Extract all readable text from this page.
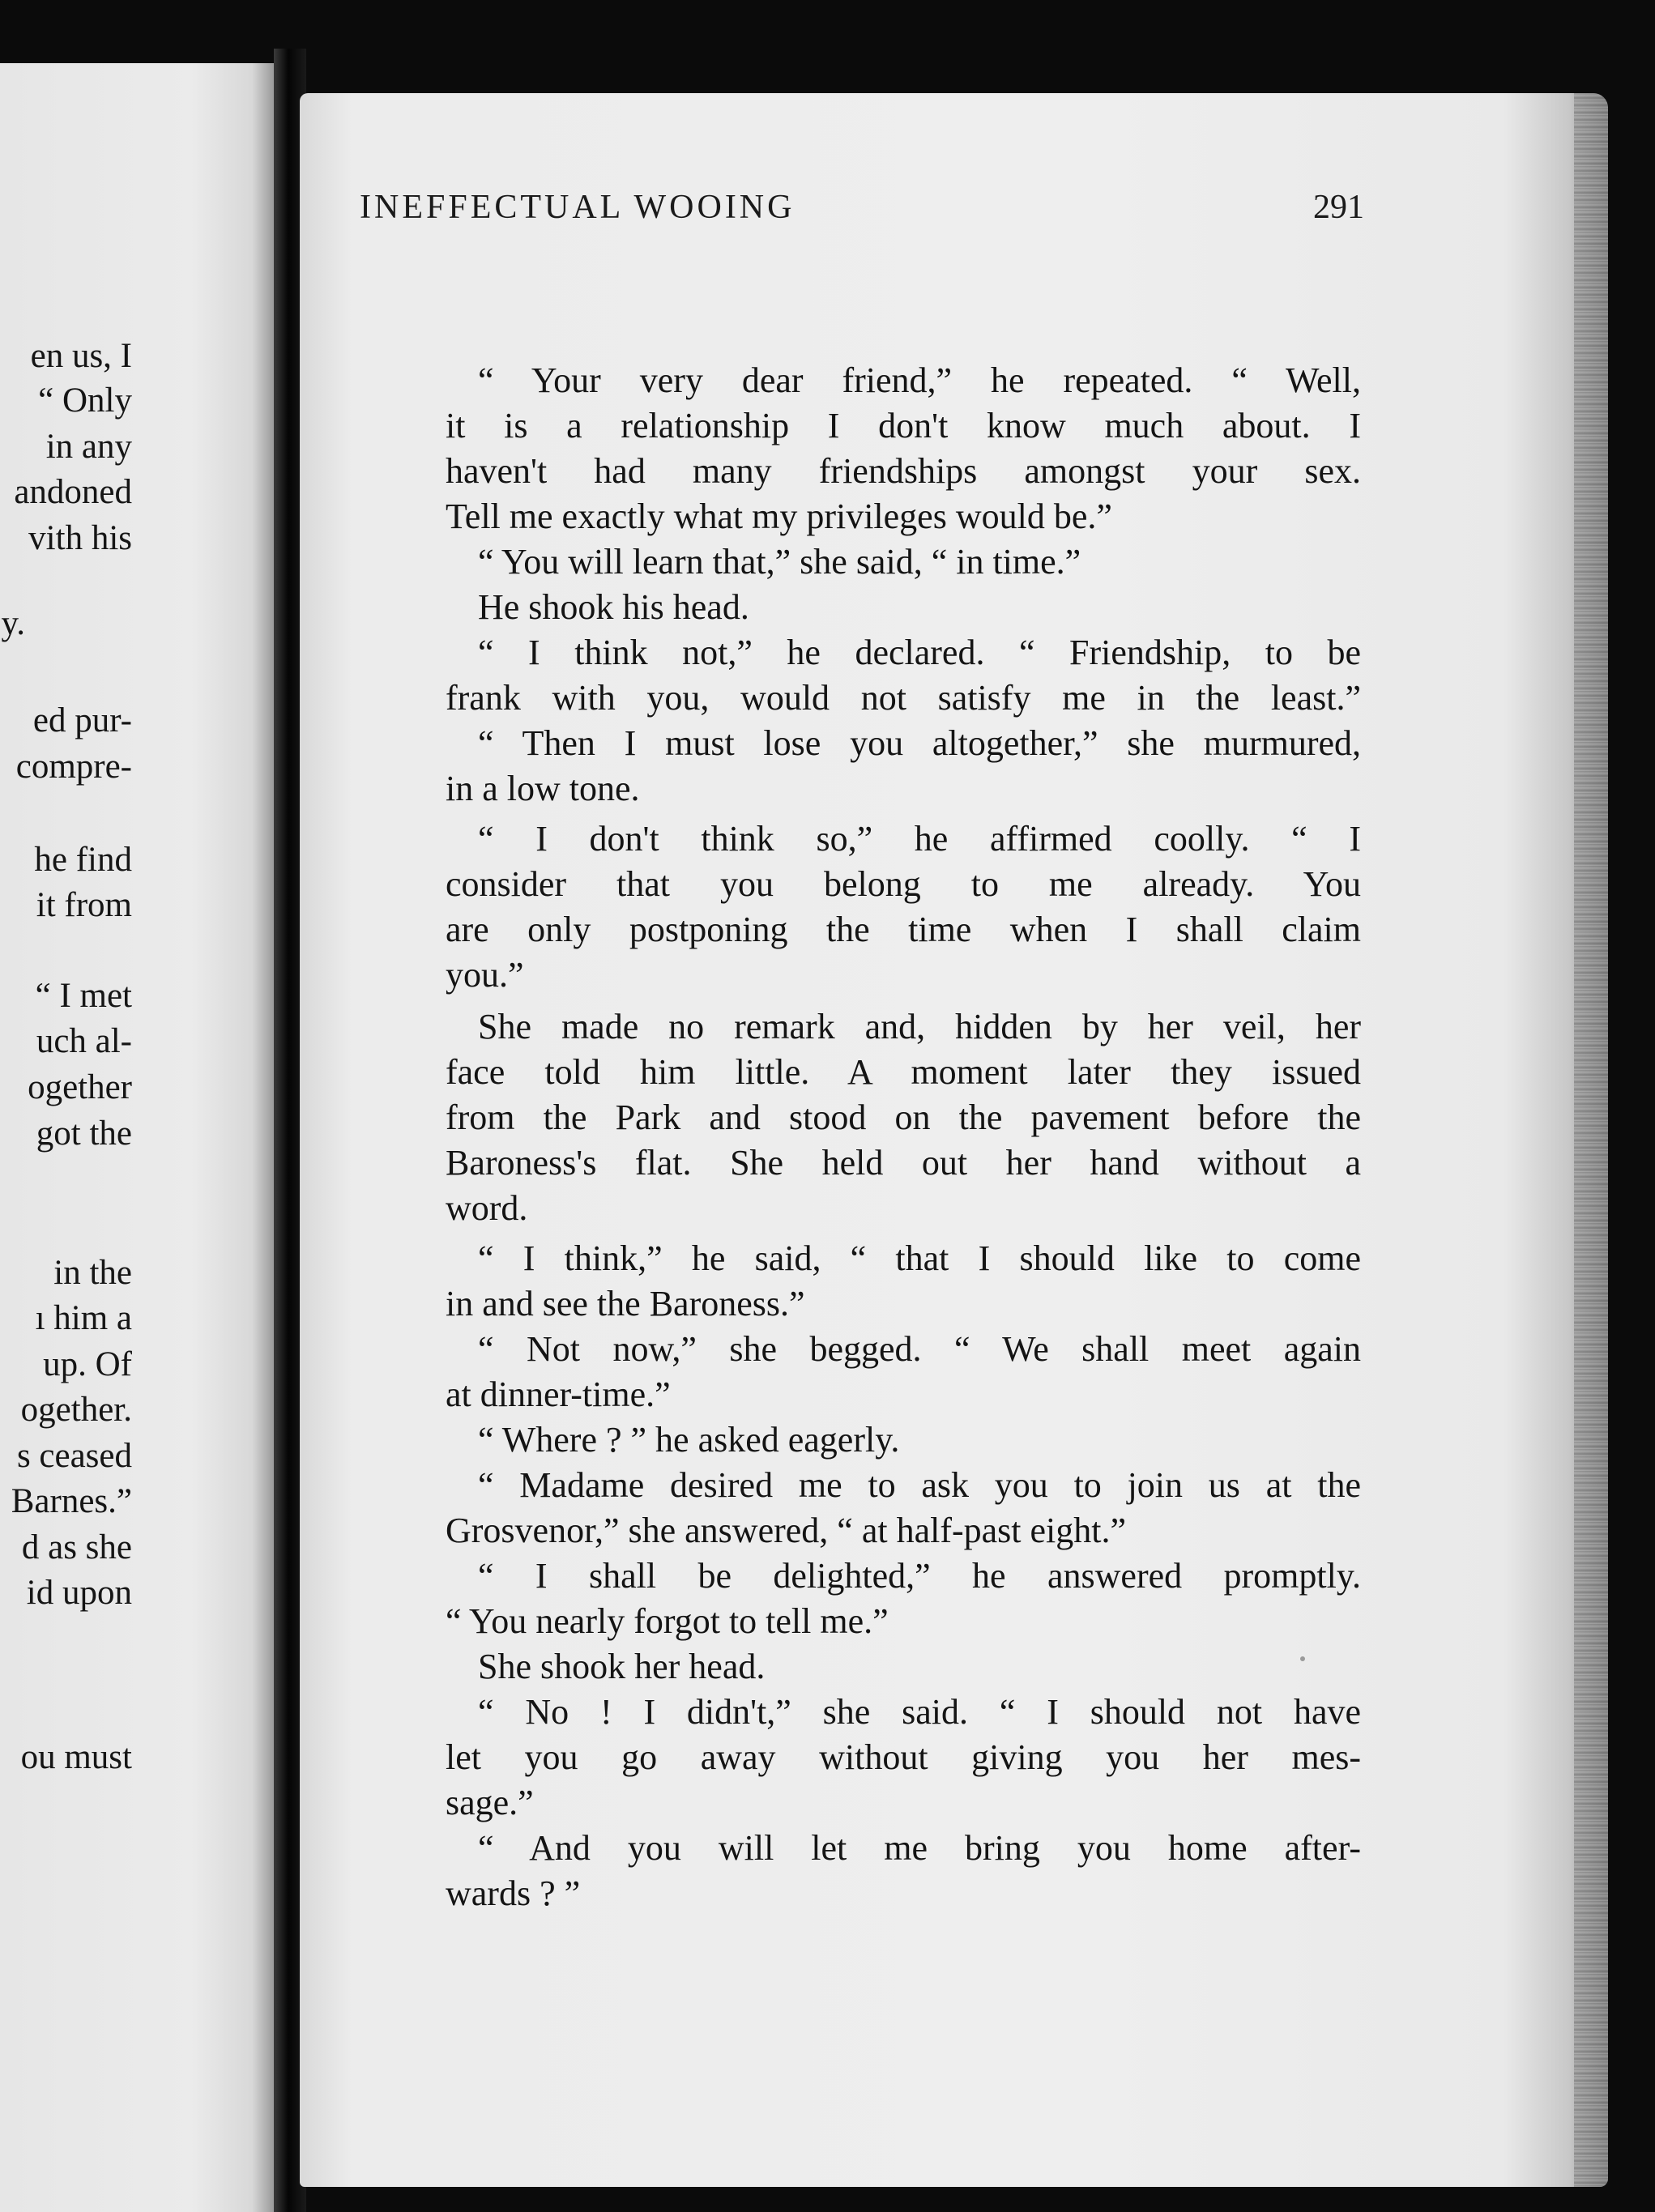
en us, I
“ Only
in any
andoned
vith his
y.
ed pur-
compre-
he find
it from
“ I met
uch al-
ogether
got the
in the
ı him a
up. Of
ogether.
s ceased
Barnes.”
d as she
id upon
ou must
INEFFECTUAL WOOING	291
“ Your very dear friend,” he repeated. “ Well,
it is a relationship I don't know much about. I
haven't had many friendships amongst your sex.
Tell me exactly what my privileges would be.”
“ You will learn that,” she said, “ in time.”
He shook his head.
“ I think not,” he declared. “ Friendship, to be
frank with you, would not satisfy me in the least.”
“ Then I must lose you altogether,” she murmured,
in a low tone.
“ I don't think so,” he affirmed coolly. “ I
consider that you belong to me already. You
are only postponing the time when I shall claim
you.”
She made no remark and, hidden by her veil, her
face told him little. A moment later they issued
from the Park and stood on the pavement before the
Baroness's flat. She held out her hand without a
word.
“ I think,” he said, “ that I should like to come
in and see the Baroness.”
“ Not now,” she begged. “ We shall meet again
at dinner-time.”
“ Where ? ” he asked eagerly.
“ Madame desired me to ask you to join us at the
Grosvenor,” she answered, “ at half-past eight.”
“ I shall be delighted,” he answered promptly.
“ You nearly forgot to tell me.”
She shook her head.
“ No ! I didn't,” she said. “ I should not have
let you go away without giving you her mes-
sage.”
“ And you will let me bring you home after-
wards ? ”
